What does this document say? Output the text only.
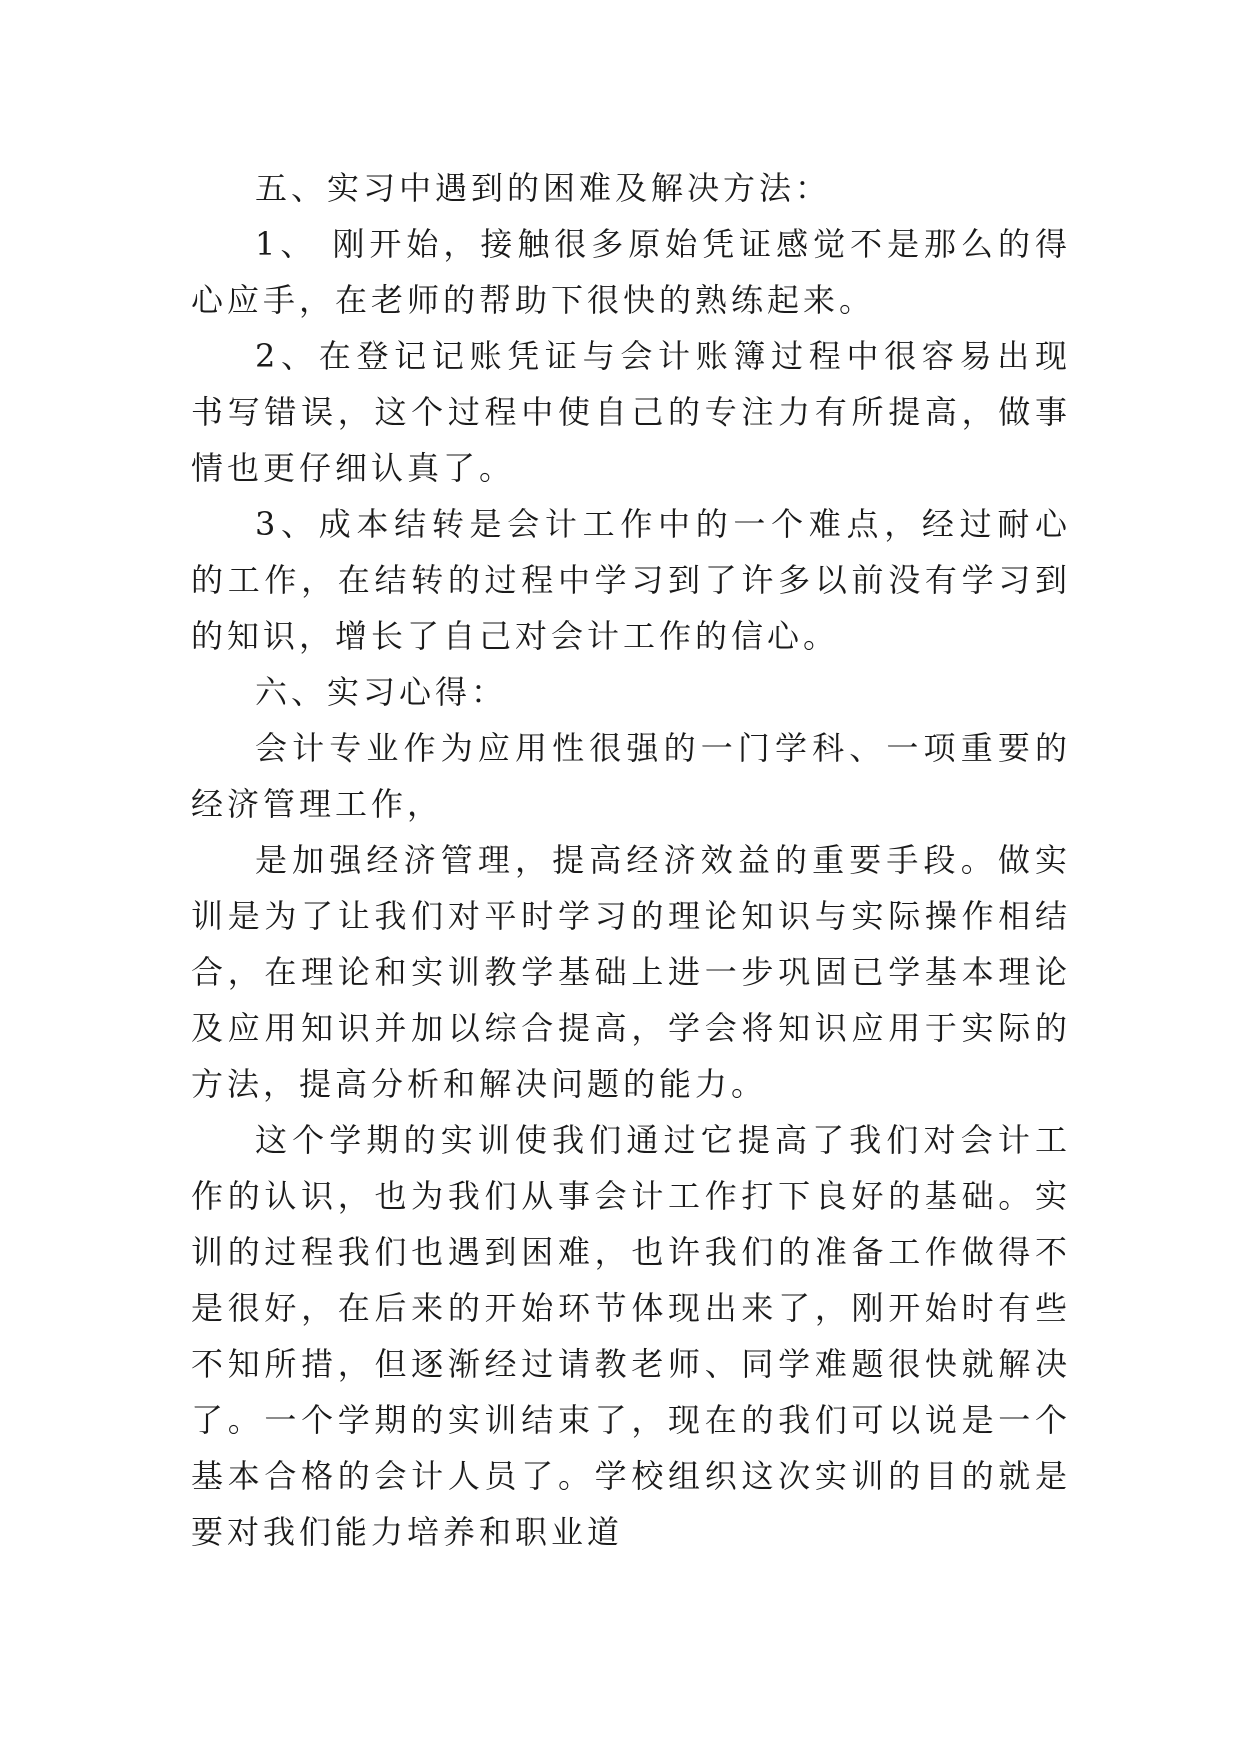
五、实习中遇到的困难及解决方法：

1、 刚开始，接触很多原始凭证感觉不是那么的得心应手，在老师的帮助下很快的熟练起来。

2、在登记记账凭证与会计账簿过程中很容易出现书写错误，这个过程中使自己的专注力有所提高，做事情也更仔细认真了。

3、成本结转是会计工作中的一个难点，经过耐心的工作，在结转的过程中学习到了许多以前没有学习到的知识，增长了自己对会计工作的信心。

六、实习心得：

会计专业作为应用性很强的一门学科、一项重要的经济管理工作，

是加强经济管理，提高经济效益的重要手段。做实训是为了让我们对平时学习的理论知识与实际操作相结合，在理论和实训教学基础上进一步巩固已学基本理论及应用知识并加以综合提高，学会将知识应用于实际的方法，提高分析和解决问题的能力。

这个学期的实训使我们通过它提高了我们对会计工作的认识，也为我们从事会计工作打下良好的基础。实训的过程我们也遇到困难，也许我们的准备工作做得不是很好，在后来的开始环节体现出来了，刚开始时有些不知所措，但逐渐经过请教老师、同学难题很快就解决了。一个学期的实训结束了，现在的我们可以说是一个基本合格的会计人员了。学校组织这次实训的目的就是要对我们能力培养和职业道
